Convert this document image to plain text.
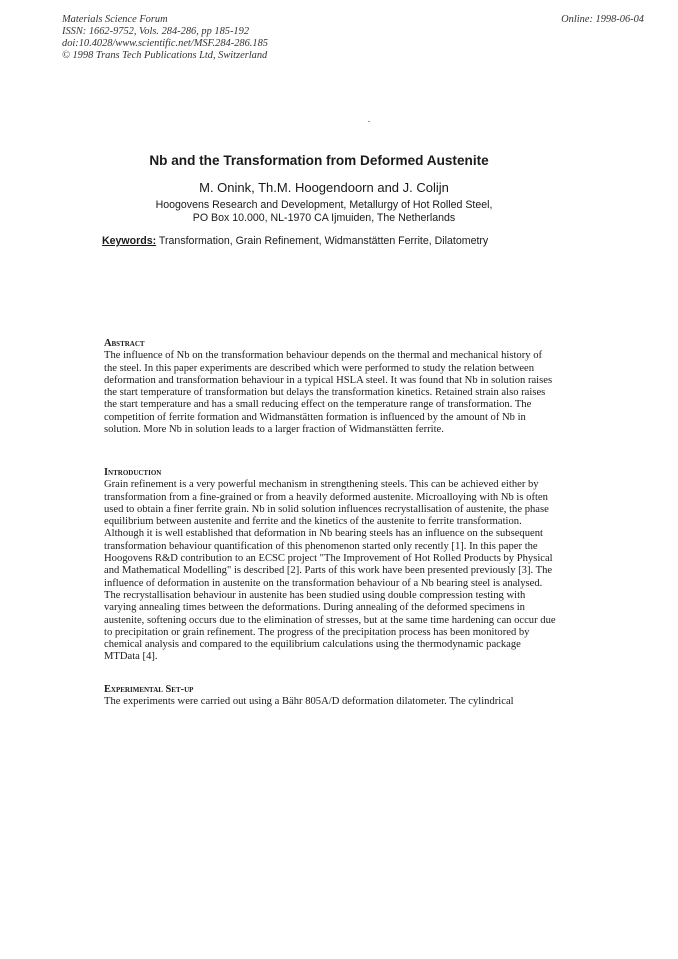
Materials Science Forum
ISSN: 1662-9752, Vols. 284-286, pp 185-192
doi:10.4028/www.scientific.net/MSF.284-286.185
© 1998 Trans Tech Publications Ltd, Switzerland
Online: 1998-06-04
Nb and the Transformation from Deformed Austenite
M. Onink, Th.M. Hoogendoorn and J. Colijn
Hoogovens Research and Development, Metallurgy of Hot Rolled Steel,
PO Box 10.000, NL-1970 CA Ijmuiden, The Netherlands
Keywords: Transformation, Grain Refinement, Widmanstätten Ferrite, Dilatometry
Abstract

The influence of Nb on the transformation behaviour depends on the thermal and mechanical history of the steel. In this paper experiments are described which were performed to study the relation between deformation and transformation behaviour in a typical HSLA steel. It was found that Nb in solution raises the start temperature of transformation but delays the transformation kinetics. Retained strain also raises the start temperature and has a small reducing effect on the temperature range of transformation. The competition of ferrite formation and Widmanstätten formation is influenced by the amount of Nb in solution. More Nb in solution leads to a larger fraction of Widmanstätten ferrite.

Introduction

Grain refinement is a very powerful mechanism in strengthening steels. This can be achieved either by transformation from a fine-grained or from a heavily deformed austenite. Microalloying with Nb is often used to obtain a finer ferrite grain. Nb in solid solution influences recrystallisation of austenite, the phase equilibrium between austenite and ferrite and the kinetics of the austenite to ferrite transformation. Although it is well established that deformation in Nb bearing steels has an influence on the subsequent transformation behaviour quantification of this phenomenon started only recently [1]. In this paper the Hoogovens R&D contribution to an ECSC project "The Improvement of Hot Rolled Products by Physical and Mathematical Modelling" is described [2]. Parts of this work have been presented previously [3]. The influence of deformation in austenite on the transformation behaviour of a Nb bearing steel is analysed. The recrystallisation behaviour in austenite has been studied using double compression testing with varying annealing times between the deformations. During annealing of the deformed specimens in austenite, softening occurs due to the elimination of stresses, but at the same time hardening can occur due to precipitation or grain refinement. The progress of the precipitation process has been monitored by chemical analysis and compared to the equilibrium calculations using the thermodynamic package MTData [4].

Experimental Set-up

The experiments were carried out using a Bähr 805A/D deformation dilatometer. The cylindrical
